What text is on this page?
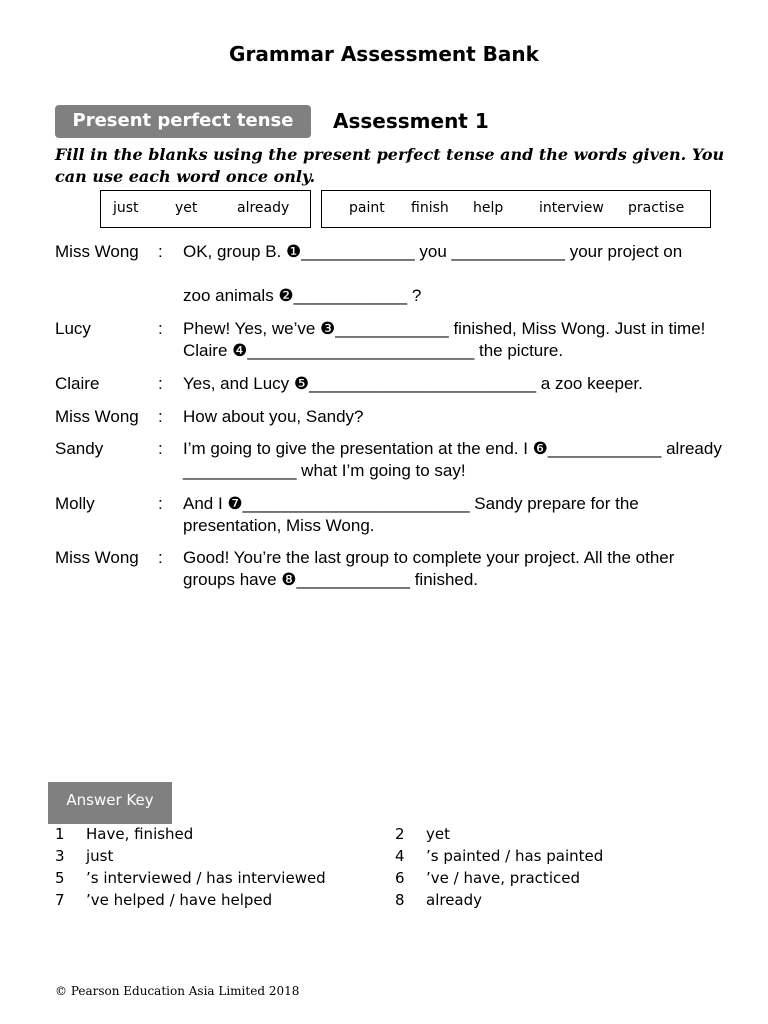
Grammar Assessment Bank
Present perfect tense	Assessment 1
Fill in the blanks using the present perfect tense and the words given. You can use each word once only.
just	yet	already	paint finish help	interview practise
Miss Wong : OK, group B. ❶____________ you ____________ your project on
zoo animals ❷____________ ?
Lucy	: Phew! Yes, we’ve ❸____________ finished, Miss Wong. Just in time! Claire ❹________________________ the picture.
Claire	: Yes, and Lucy ❺________________________ a zoo keeper.
Miss Wong : How about you, Sandy?
Sandy	: I’m going to give the presentation at the end. I ❻____________ already ____________ what I’m going to say!
Molly	: And I ❼________________________ Sandy prepare for the presentation, Miss Wong.
Miss Wong : Good! You’re the last group to complete your project. All the other groups have ❽____________ finished.
Answer Key
1 Have, finished	2 yet
3 just	4 ’s painted / has painted
5 ’s interviewed / has interviewed	6 ’ve / have, practiced
7 ’ve helped / have helped	8 already
© Pearson Education Asia Limited 2018
